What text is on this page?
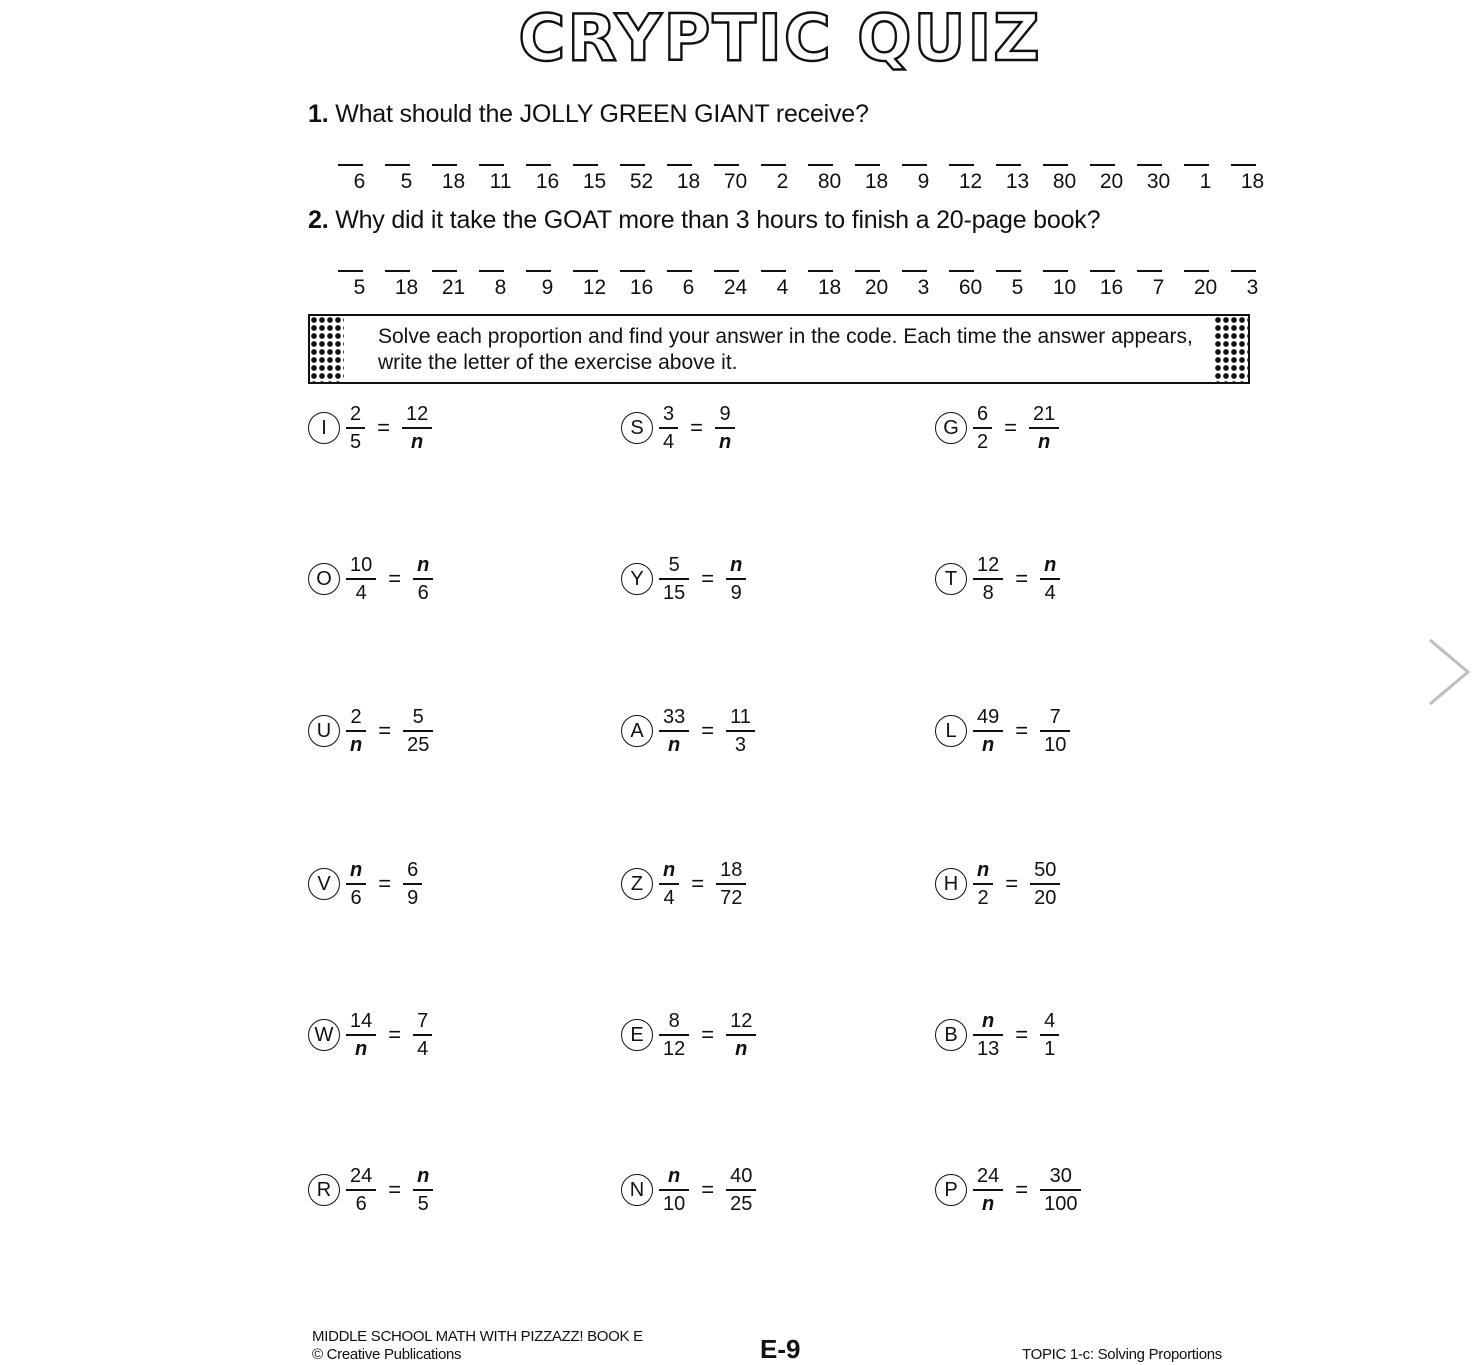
CRYPTIC QUIZ
1. What should the JOLLY GREEN GIANT receive?
6	5	18	11	16	15	52	18	70	2	80	18	9	12	13	80	20	30	1	18
2. Why did it take the GOAT more than 3 hours to finish a 20-page book?
5	18	21	8	9	12	16	6	24	4	18	20	3	60	5	10	16	7	20	3
Solve each proportion and find your answer in the code. Each time the answer appears, write the letter of the exercise above it.
I	$\frac{2}{5} = \frac{12}{n}$	S $\frac{3}{4} = \frac{9}{n}$	G $\frac{6}{2} = \frac{21}{n}$
O $\frac{10}{4} = \frac{n}{6}$	Y $\frac{5}{15} = \frac{n}{9}$	T $\frac{12}{8} = \frac{n}{4}$
U $\frac{2}{n} = \frac{5}{25}$	A $\frac{33}{n} = \frac{11}{3}$	L $\frac{49}{n} = \frac{7}{10}$
V $\frac{n}{6} = \frac{6}{9}$	Z $\frac{n}{4} = \frac{18}{72}$	H $\frac{n}{2} = \frac{50}{20}$
W $\frac{14}{n} = \frac{7}{4}$	E $\frac{8}{12} = \frac{12}{n}$	B $\frac{n}{13} = \frac{4}{1}$
R $\frac{24}{6} = \frac{n}{5}$	N $\frac{n}{10} = \frac{40}{25}$	P $\frac{24}{n} = \frac{30}{100}$
MIDDLE SCHOOL MATH WITH PIZZAZZ! BOOK E
© Creative Publications	E-9	TOPIC 1-c: Solving Proportions
